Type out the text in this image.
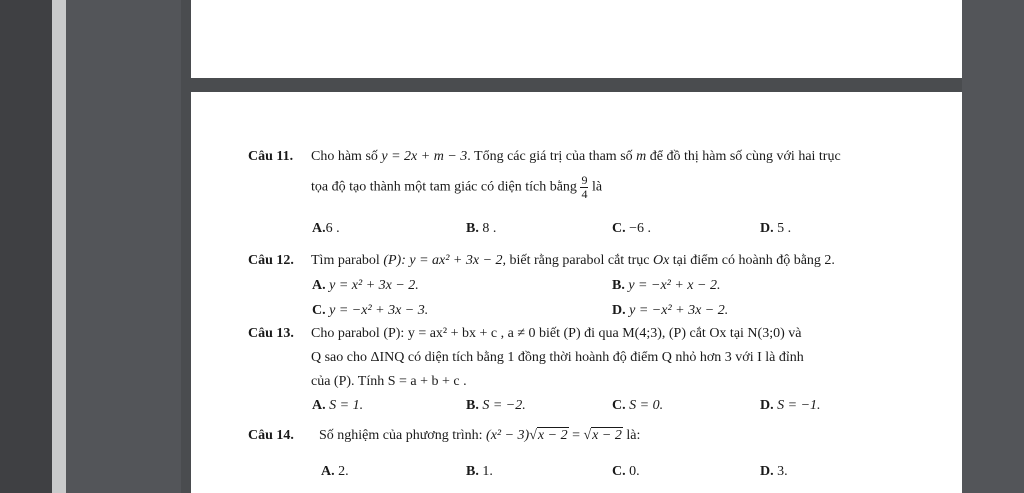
Câu 11. Cho hàm số y = 2x + m − 3. Tổng các giá trị của tham số m để đồ thị hàm số cùng với hai trục
tọa độ tạo thành một tam giác có diện tích bằng $\frac{9}{4}$ là
A.6 .	B. 8 .	C. −6 .	D. 5 .
Câu 12. Tìm parabol (P): y = ax² + 3x − 2, biết rằng parabol cắt trục Ox tại điểm có hoành độ bằng 2.
A. y = x² + 3x − 2.	B. y = −x² + x − 2.
C. y = −x² + 3x − 3.	D. y = −x² + 3x − 2.
Câu 13. Cho parabol (P): y = ax² + bx + c , a ≠ 0 biết (P) đi qua M(4;3), (P) cắt Ox tại N(3;0) và
Q sao cho ΔINQ có diện tích bằng 1 đồng thời hoành độ điểm Q nhỏ hơn 3 với I là đỉnh
của (P). Tính S = a + b + c .
A. S = 1.	B. S = −2.	C. S = 0.	D. S = −1.
Câu 14. Số nghiệm của phương trình: (x² − 3)√x − 2 = √x − 2 là:
A. 2.	B. 1.	C. 0.	D. 3.
